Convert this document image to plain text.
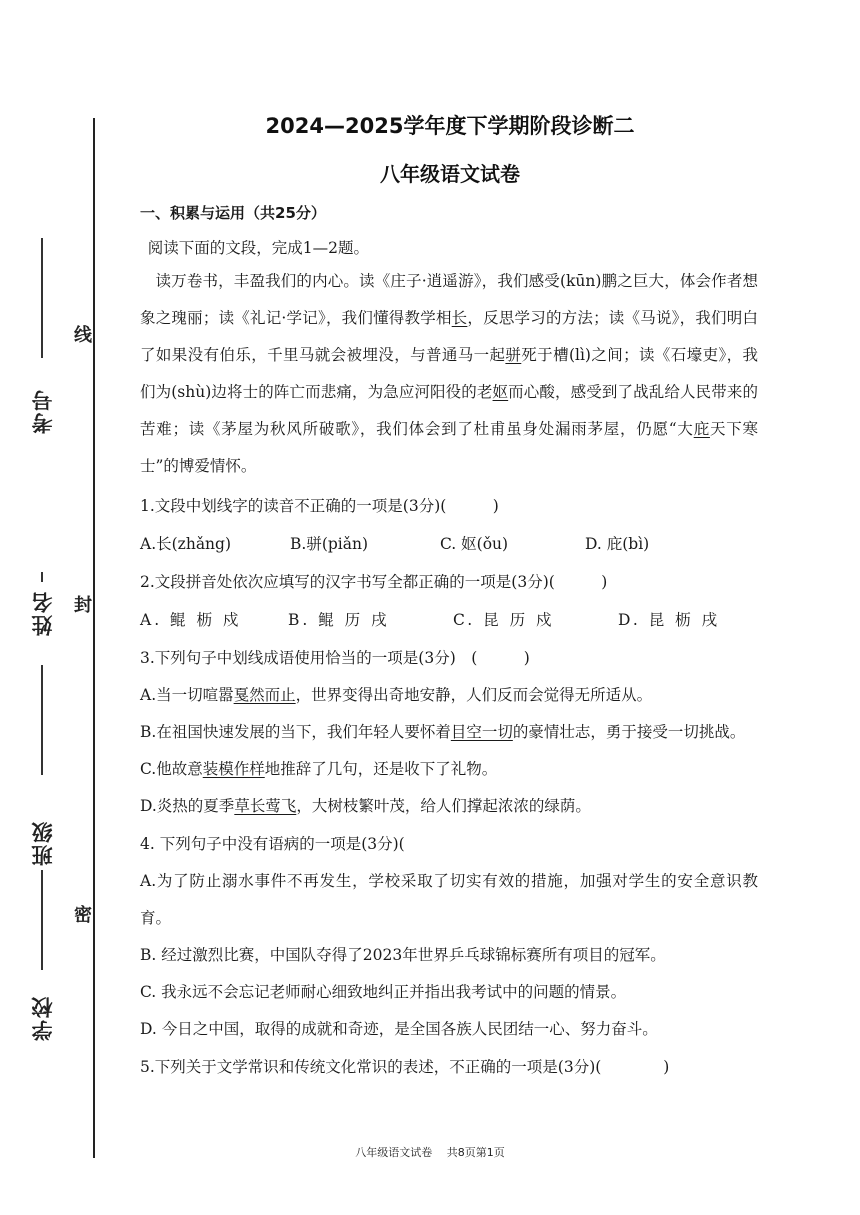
考号
姓名
班级
学校
线
封
密
2024—2025学年度下学期阶段诊断二
八年级语文试卷

一、积累与运用（共25分）

阅读下面的文段，完成1—2题。

读万卷书，丰盈我们的内心。读《庄子·逍遥游》，我们感受(kūn)鹏之巨大，体会作者想象之瑰丽；读《礼记·学记》，我们懂得教学相长，反思学习的方法；读《马说》，我们明白了如果没有伯乐，千里马就会被埋没，与普通马一起骈死于槽(lì)之间；读《石壕吏》，我们为(shù)边将士的阵亡而悲痛，为急应河阳役的老妪而心酸，感受到了战乱给人民带来的苦难；读《茅屋为秋风所破歌》，我们体会到了杜甫虽身处漏雨茅屋，仍愿“大庇天下寒士”的博爱情怀。

1.文段中划线字的读音不正确的一项是(3分)(　　　)

A.长(zhǎng)	B.骈(piǎn)	C. 妪(ǒu)	D. 庇(bì)

2.文段拼音处依次应填写的汉字书写全都正确的一项是(3分)(　　　)

A. 鲲 枥 戍	B. 鲲 历 戌	C. 昆 历 戍	D. 昆 枥 戌

3.下列句子中划线成语使用恰当的一项是(3分)　(　　　)

A.当一切喧嚣戛然而止，世界变得出奇地安静，人们反而会觉得无所适从。

B.在祖国快速发展的当下，我们年轻人要怀着目空一切的豪情壮志，勇于接受一切挑战。

C.他故意装模作样地推辞了几句，还是收下了礼物。

D.炎热的夏季草长莺飞，大树枝繁叶茂，给人们撑起浓浓的绿荫。

4. 下列句子中没有语病的一项是(3分)(

A.为了防止溺水事件不再发生，学校采取了切实有效的措施，加强对学生的安全意识教育。

B. 经过激烈比赛，中国队夺得了2023年世界乒乓球锦标赛所有项目的冠军。

C. 我永远不会忘记老师耐心细致地纠正并指出我考试中的问题的情景。

D. 今日之中国，取得的成就和奇迹，是全国各族人民团结一心、努力奋斗。

5.下列关于文学常识和传统文化常识的表述，不正确的一项是(3分)(　　　　)

八年级语文试卷　 共8页第1页
